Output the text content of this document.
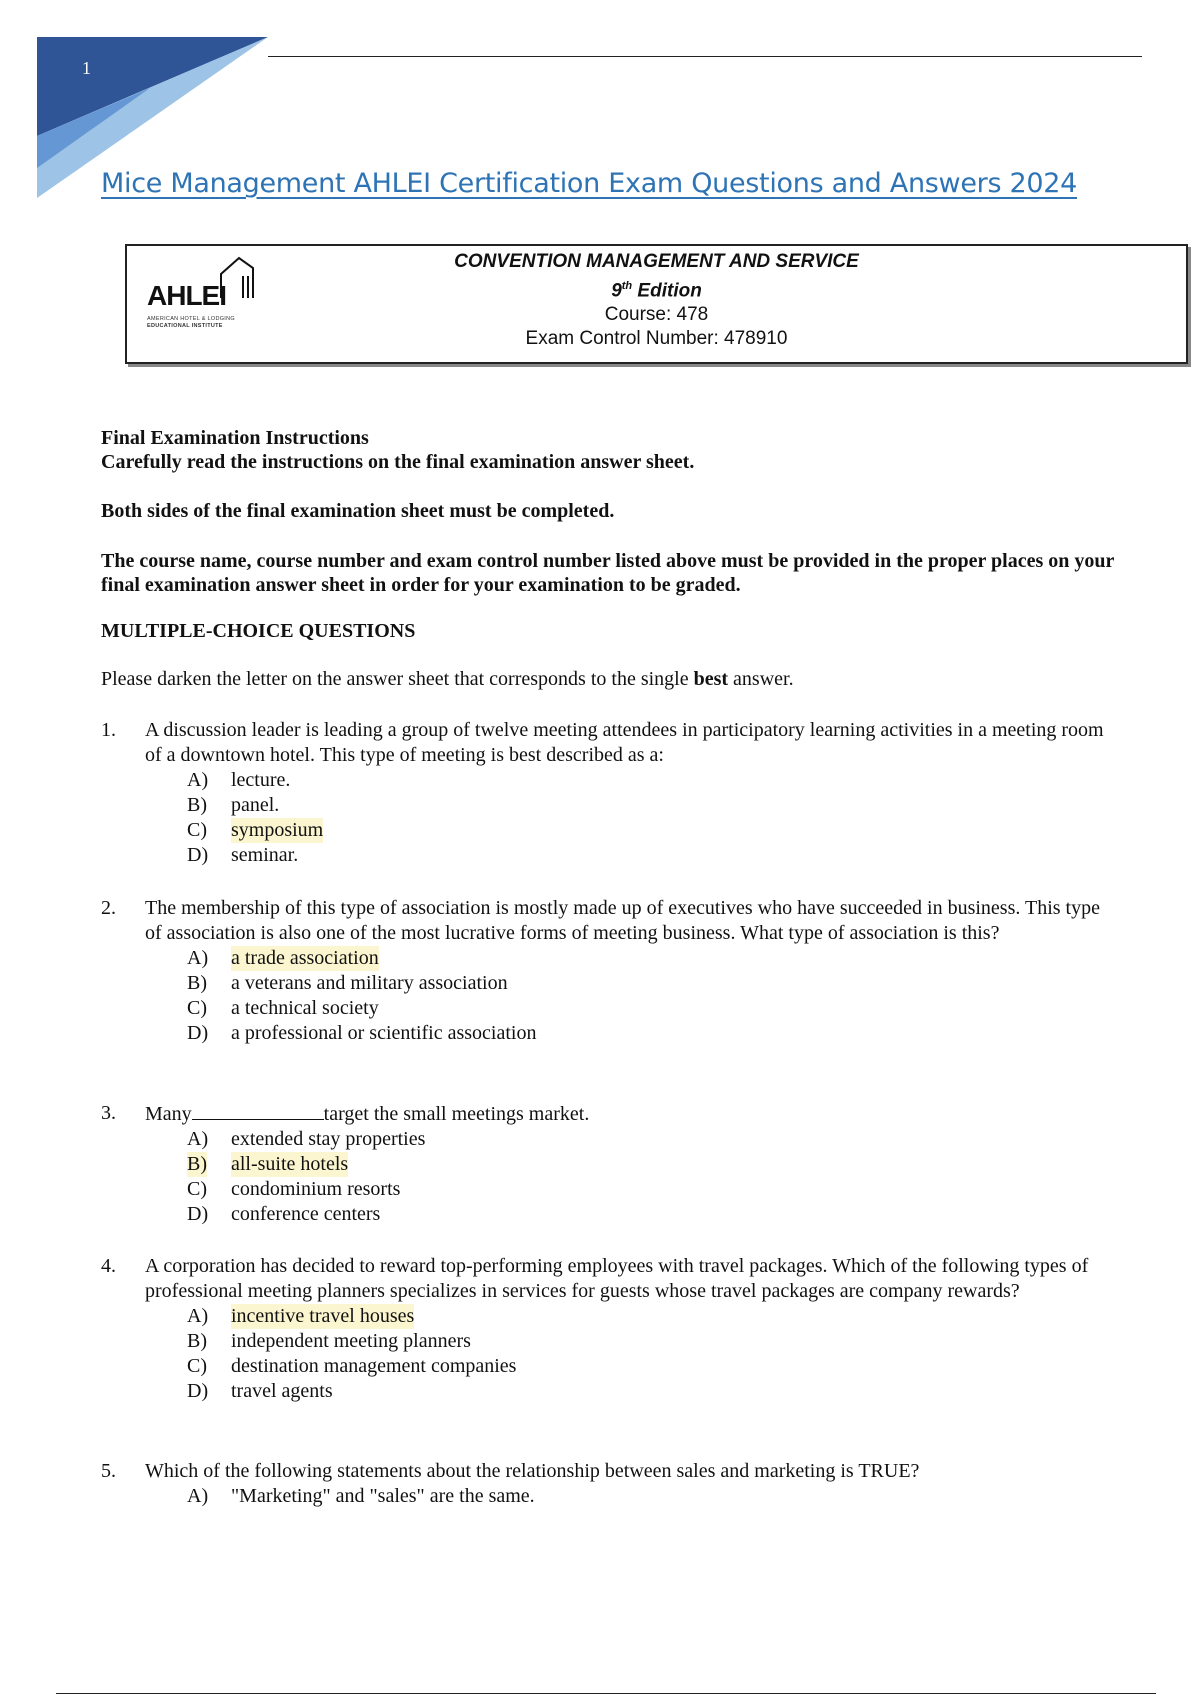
1
Mice Management AHLEI Certification Exam Questions and Answers 2024
AHLEI
AMERICAN HOTEL & LODGING
EDUCATIONAL INSTITUTE
CONVENTION MANAGEMENT AND SERVICE
9th Edition
Course: 478
Exam Control Number: 478910

Final Examination Instructions

Carefully read the instructions on the final examination answer sheet.

Both sides of the final examination sheet must be completed.

The course name, course number and exam control number listed above must be provided in the proper places on your final examination answer sheet in order for your examination to be graded.

MULTIPLE-CHOICE QUESTIONS

Please darken the letter on the answer sheet that corresponds to the single best answer.

1. A discussion leader is leading a group of twelve meeting attendees in participatory learning activities in a meeting room of a downtown hotel. This type of meeting is best described as a:
A) lecture.
B) panel.
C) symposium
D) seminar.
2. The membership of this type of association is mostly made up of executives who have succeeded in business. This type of association is also one of the most lucrative forms of meeting business. What type of association is this?
A) a trade association
B) a veterans and military association
C) a technical society
D) a professional or scientific association
3. Many	target the small meetings market.
A) extended stay properties
B) all-suite hotels
C) condominium resorts
D) conference centers
4. A corporation has decided to reward top-performing employees with travel packages. Which of the following types of professional meeting planners specializes in services for guests whose travel packages are company rewards?
A) incentive travel houses
B) independent meeting planners
C) destination management companies
D) travel agents
5. Which of the following statements about the relationship between sales and marketing is TRUE?
A) "Marketing" and "sales" are the same.
